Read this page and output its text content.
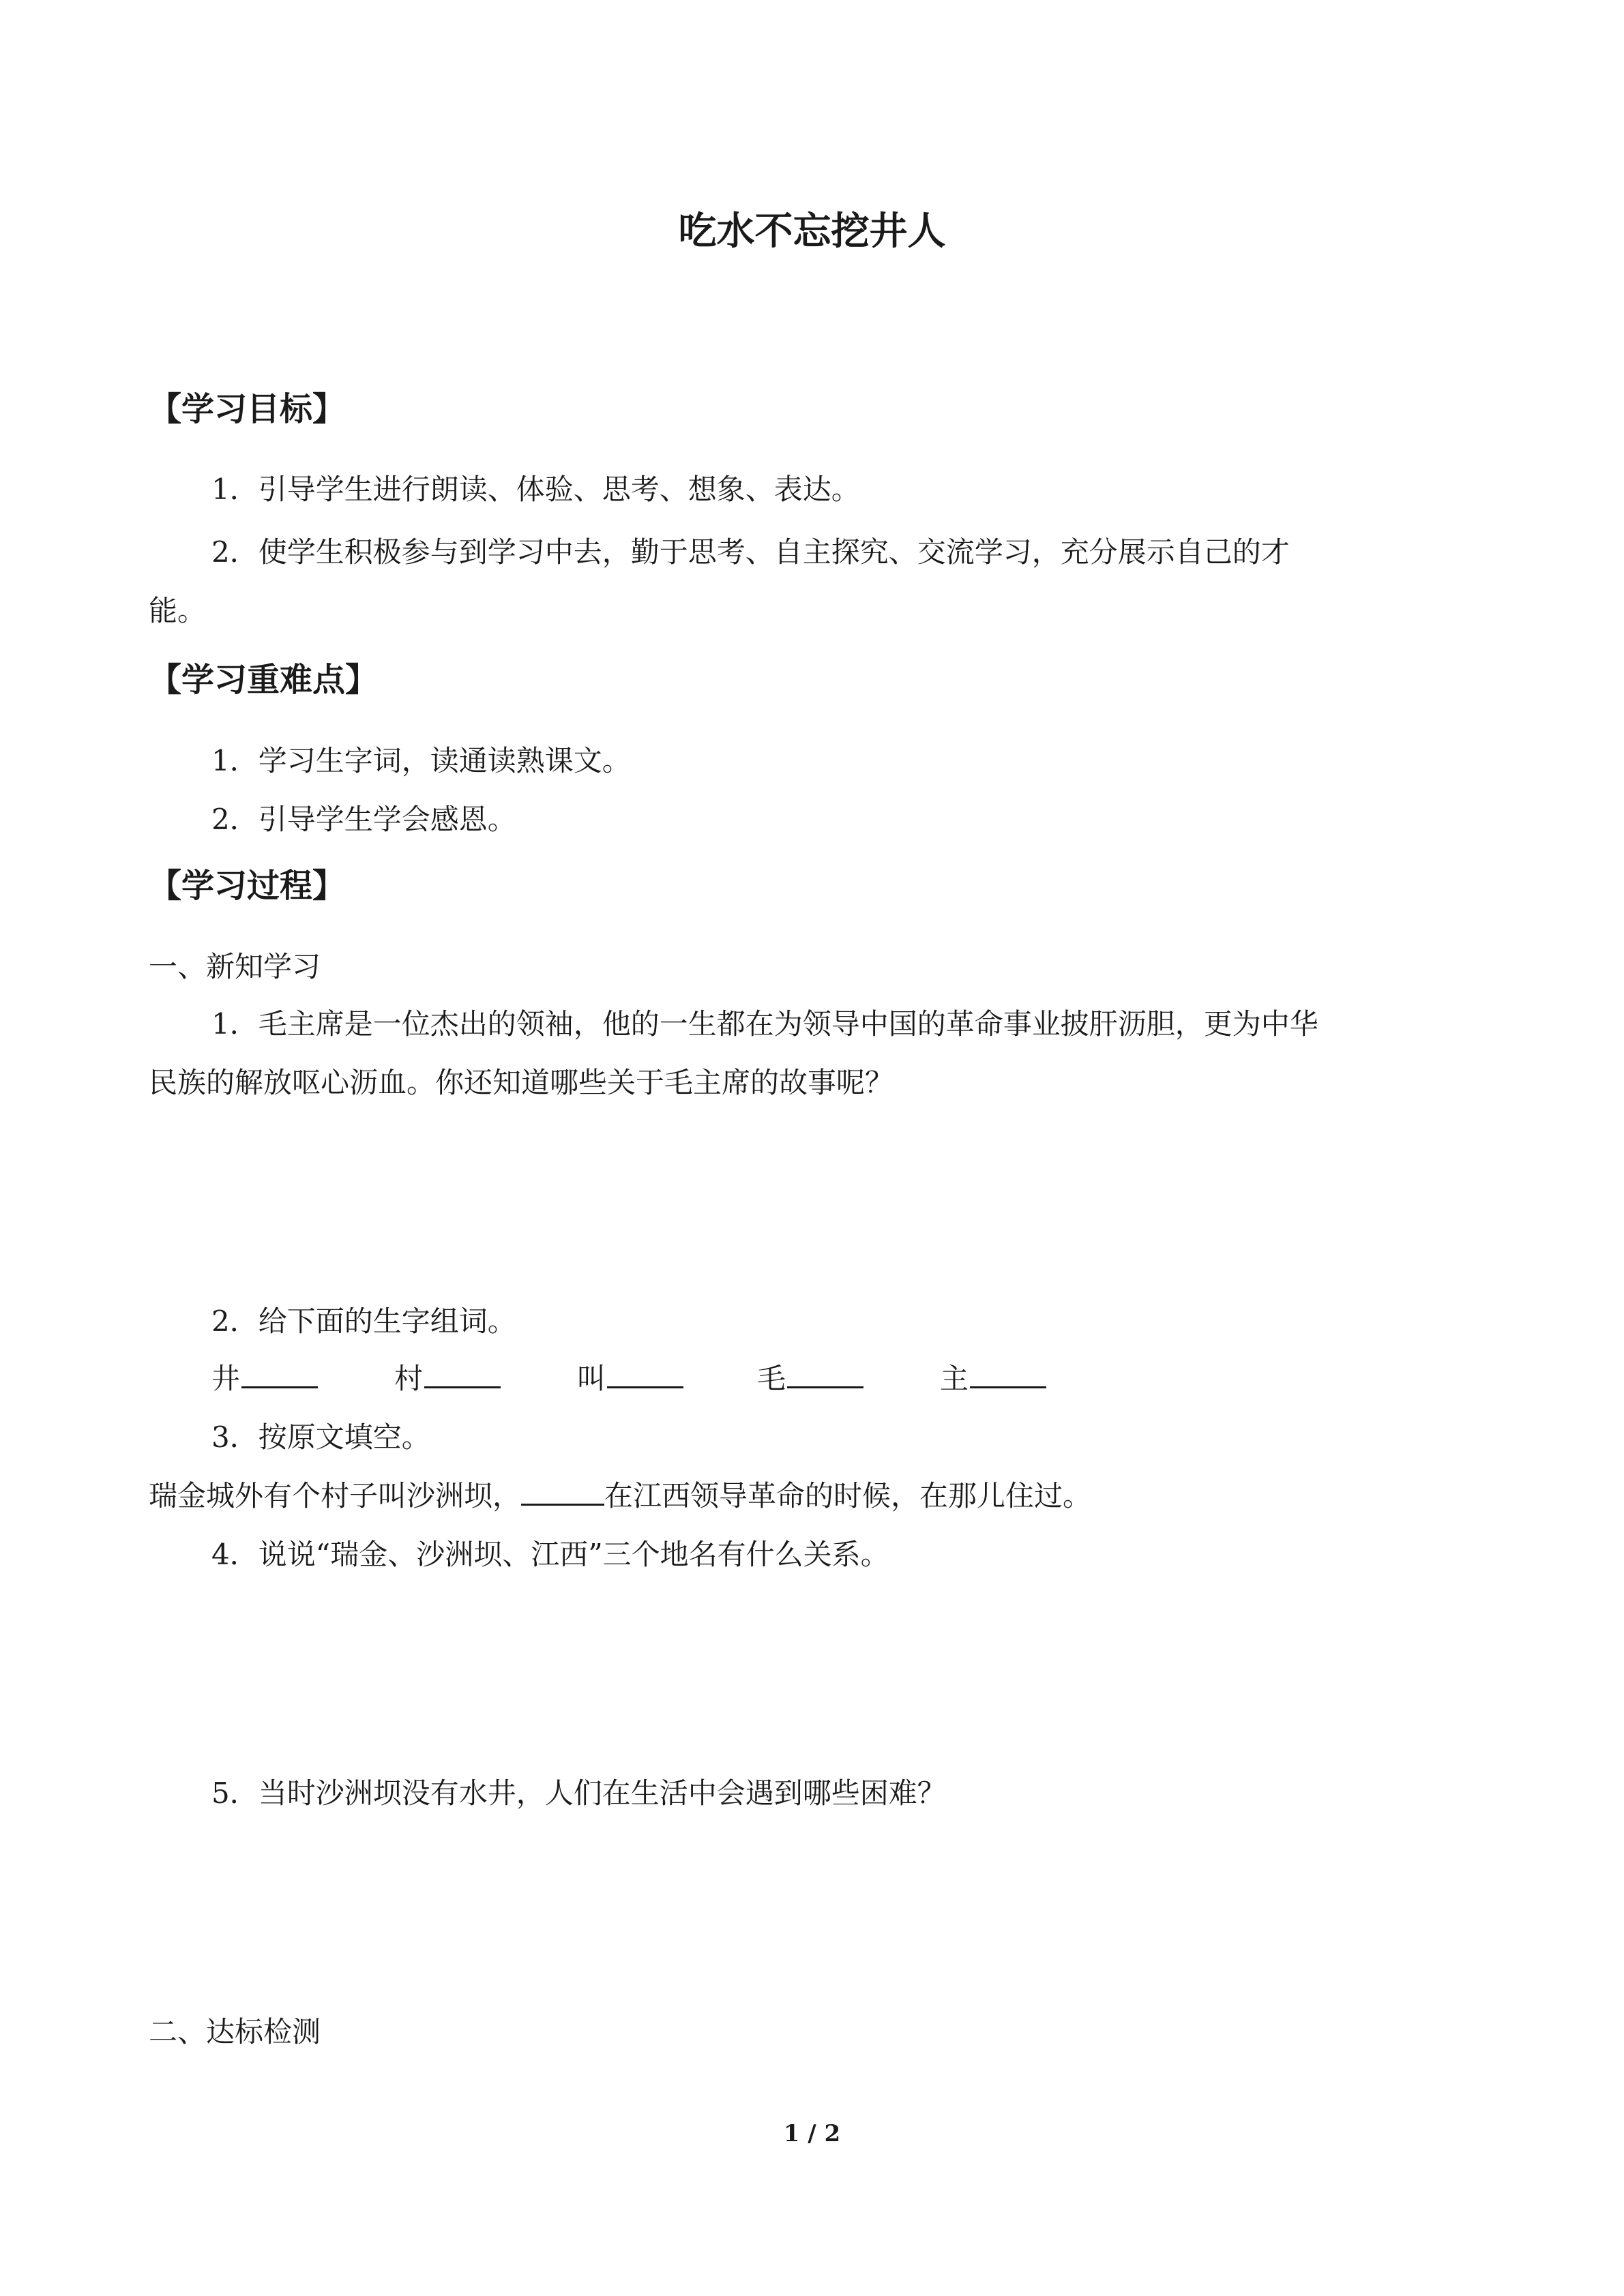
吃水不忘挖井人
【学习目标】
1．引导学生进行朗读、体验、思考、想象、表达。
2．使学生积极参与到学习中去，勤于思考、自主探究、交流学习，充分展示自己的才
能。
【学习重难点】
1．学习生字词，读通读熟课文。
2．引导学生学会感恩。
【学习过程】
一、新知学习
1．毛主席是一位杰出的领袖，他的一生都在为领导中国的革命事业披肝沥胆，更为中华
民族的解放呕心沥血。你还知道哪些关于毛主席的故事呢？
2．给下面的生字组词。
井	村	叫	毛	主
3．按原文填空。
瑞金城外有个村子叫沙洲坝，	在江西领导革命的时候，在那儿住过。
4．说说“瑞金、沙洲坝、江西”三个地名有什么关系。
5．当时沙洲坝没有水井，人们在生活中会遇到哪些困难？
二、达标检测
1 / 2
